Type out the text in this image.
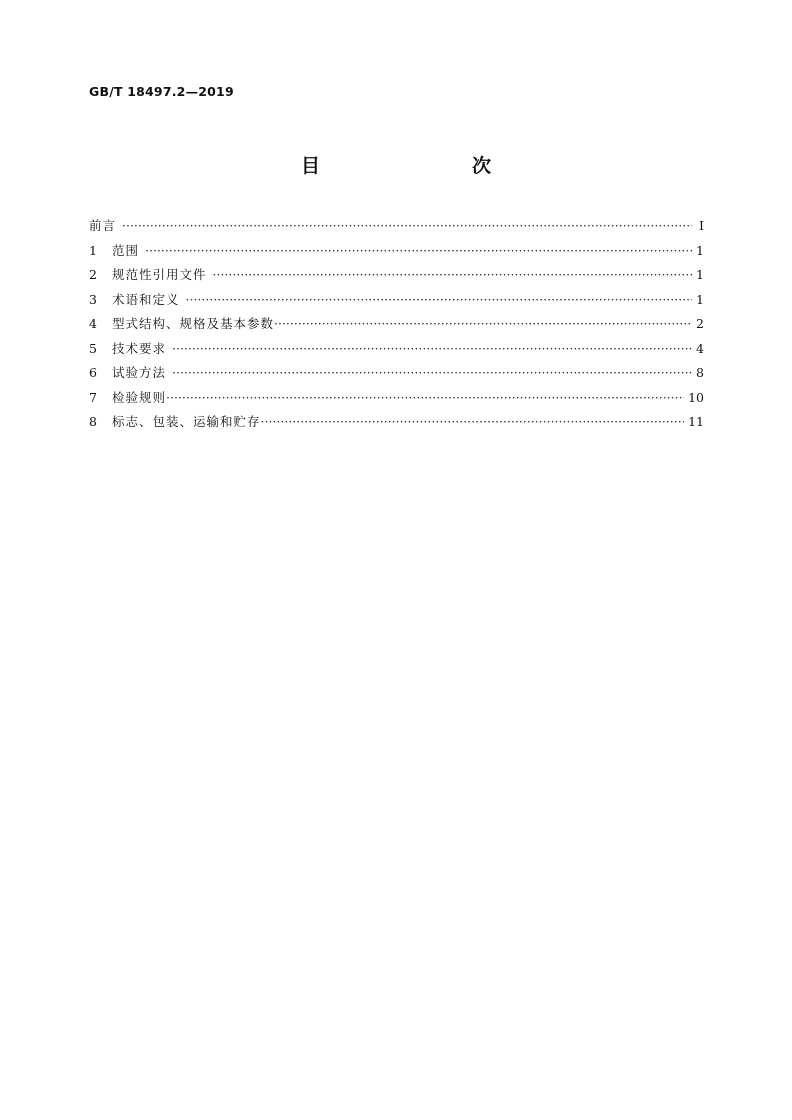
GB/T 18497.2—2019
目　　次
前言 ·····	Ⅰ
1	范围 ·····	1
2	规范性引用文件 ·····	1
3	术语和定义 ·····	1
4	型式结构、规格及基本参数 ·····	2
5	技术要求 ·····	4
6	试验方法 ·····	8
7	检验规则 ·····	10
8	标志、包装、运输和贮存 ·····	11
